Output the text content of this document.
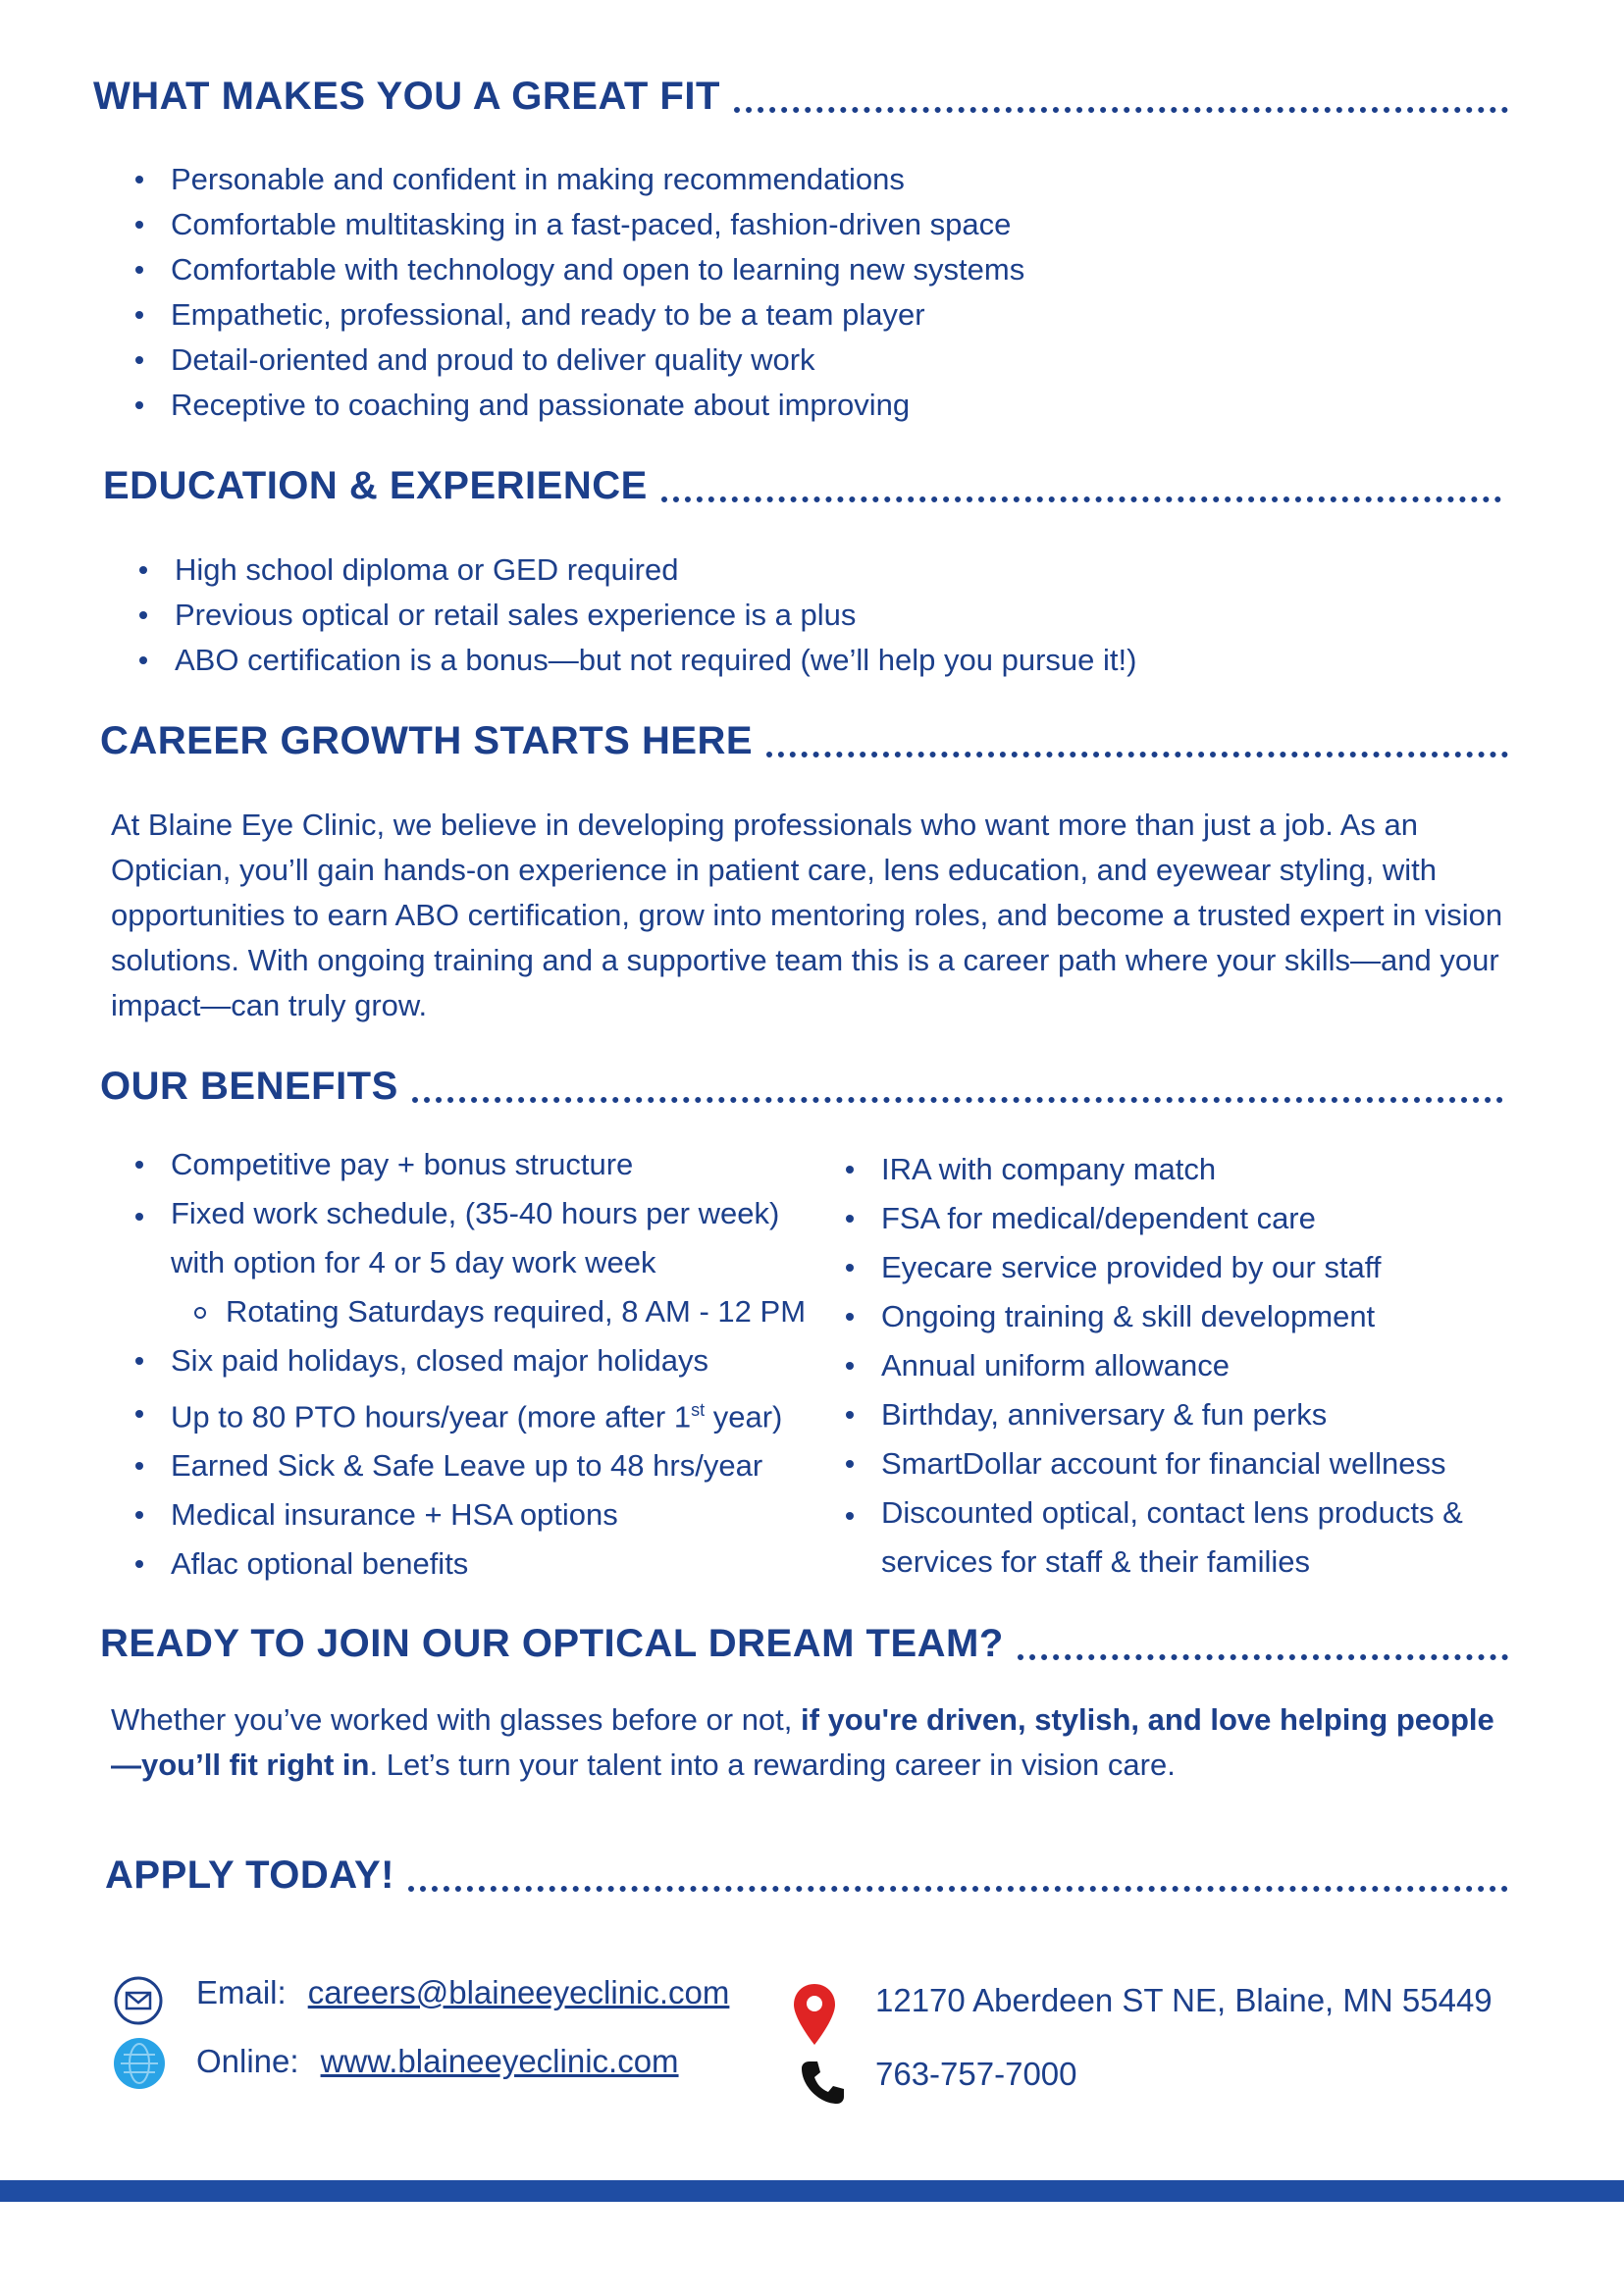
WHAT MAKES YOU A GREAT FIT
Personable and confident in making recommendations
Comfortable multitasking in a fast-paced, fashion-driven space
Comfortable with technology and open to learning new systems
Empathetic, professional, and ready to be a team player
Detail-oriented and proud to deliver quality work
Receptive to coaching and passionate about improving
EDUCATION & EXPERIENCE
High school diploma or GED required
Previous optical or retail sales experience is a plus
ABO certification is a bonus—but not required (we’ll help you pursue it!)
CAREER GROWTH STARTS HERE

At Blaine Eye Clinic, we believe in developing professionals who want more than just a job. As an Optician, you’ll gain hands-on experience in patient care, lens education, and eyewear styling, with opportunities to earn ABO certification, grow into mentoring roles, and become a trusted expert in vision solutions. With ongoing training and a supportive team this is a career path where your skills—and your impact—can truly grow.

OUR BENEFITS
Competitive pay + bonus structure
Fixed work schedule, (35-40 hours per week) with option for 4 or 5 day work week
Rotating Saturdays required, 8 AM - 12 PM
Six paid holidays, closed major holidays
Up to 80 PTO hours/year (more after 1st year)
Earned Sick & Safe Leave up to 48 hrs/year
Medical insurance + HSA options
Aflac optional benefits
IRA with company match
FSA for medical/dependent care
Eyecare service provided by our staff
Ongoing training & skill development
Annual uniform allowance
Birthday, anniversary & fun perks
SmartDollar account for financial wellness
Discounted optical, contact lens products & services for staff & their families
READY TO JOIN OUR OPTICAL DREAM TEAM?

Whether you’ve worked with glasses before or not, if you're driven, stylish, and love helping people—you’ll fit right in. Let’s turn your talent into a rewarding career in vision care.

APPLY TODAY!
Email: careers@blaineeyeclinic.com
Online: www.blaineeyeclinic.com
12170 Aberdeen ST NE, Blaine, MN 55449
763-757-7000
